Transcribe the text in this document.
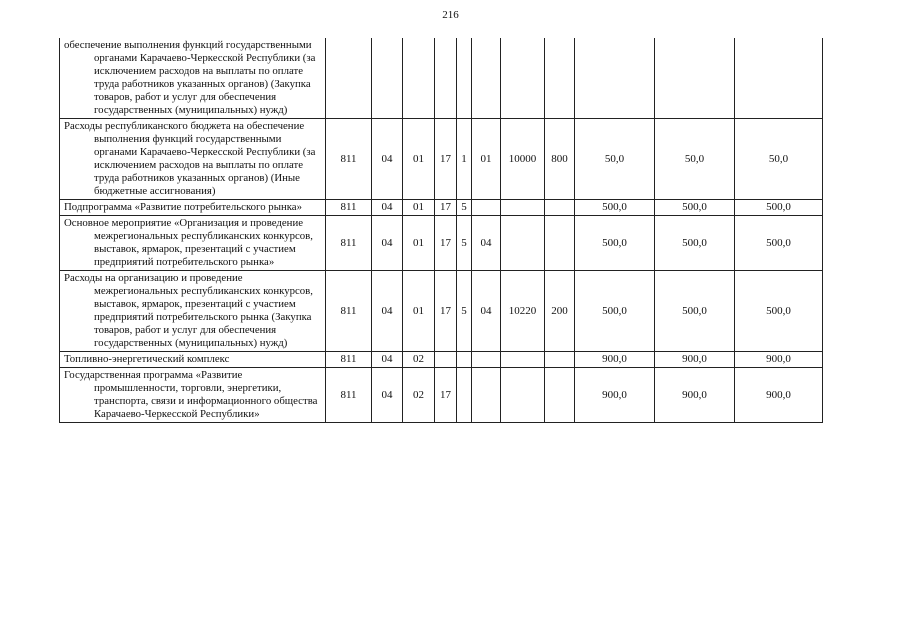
216
обеспечение выполнения функций государственными органами Карачаево-Черкесской Республики (за исключением расходов на выплаты по оплате труда работников указанных органов) (Закупка товаров, работ и услуг для обеспечения государственных (муниципальных) нужд)											
Расходы республиканского бюджета на обеспечение выполнения функций государственными органами Карачаево-Черкесской Республики (за исключением расходов на выплаты по оплате труда работников указанных органов) (Иные бюджетные ассигнования)	811	04	01	17	1	01	10000	800	50,0	50,0	50,0
Подпрограмма «Развитие потребительского рынка»	811	04	01	17	5				500,0	500,0	500,0
Основное мероприятие «Организация и проведение межрегиональных республиканских конкурсов, выставок, ярмарок, презентаций с участием предприятий потребительского рынка»	811	04	01	17	5	04			500,0	500,0	500,0
Расходы на организацию и проведение межрегиональных республиканских конкурсов, выставок, ярмарок, презентаций с участием предприятий потребительского рынка (Закупка товаров, работ и услуг для обеспечения государственных (муниципальных) нужд)	811	04	01	17	5	04	10220	200	500,0	500,0	500,0
Топливно-энергетический комплекс	811	04	02						900,0	900,0	900,0
Государственная программа «Развитие промышленности, торговли, энергетики, транспорта, связи и информационного общества Карачаево-Черкесской Республики»	811	04	02	17					900,0	900,0	900,0
